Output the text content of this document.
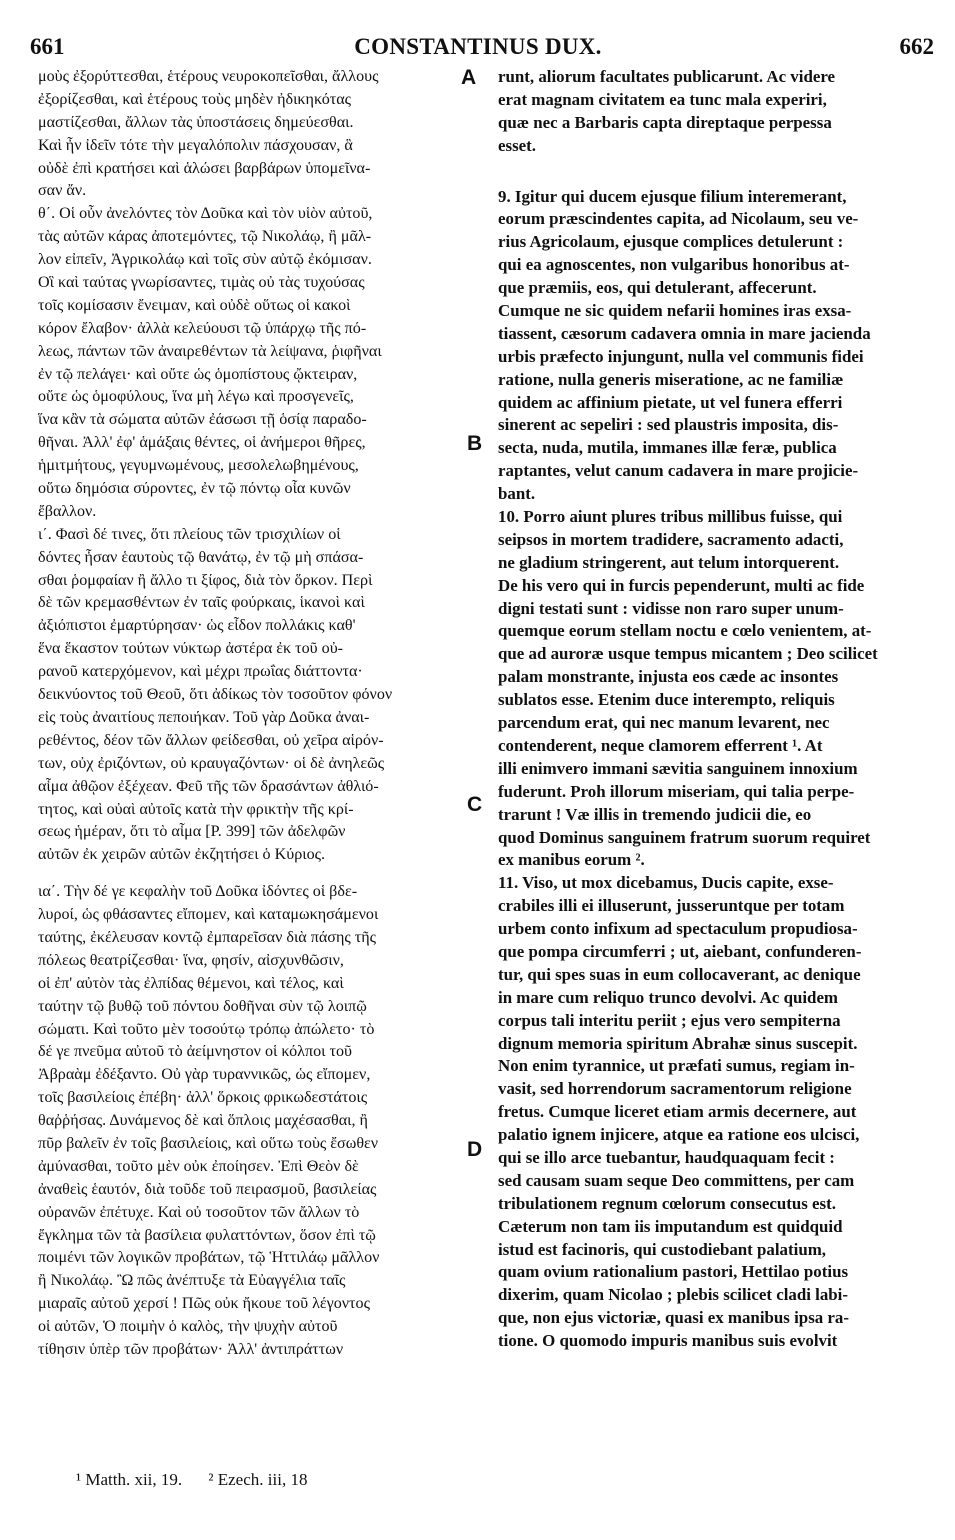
661	CONSTANTINUS DUX.	662
μοὺς ἐξορύττεσθαι, ἑτέρους νευροκοπεῖσθαι, ἄλλους
ἐξορίζεσθαι, καὶ ἑτέρους τοὺς μηδὲν ἠδικηκότας
μαστίζεσθαι, ἄλλων τὰς ὑποστάσεις δημεύεσθαι.
Καὶ ἦν ἰδεῖν τότε τὴν μεγαλόπολιν πάσχουσαν, ἃ
οὐδὲ ἐπὶ κρατήσει καὶ ἁλώσει βαρβάρων ὑπομεῖνα-
σαν ἄν.
θ΄. Οἱ οὖν ἀνελόντες τὸν Δοῦκα καὶ τὸν υἱὸν αὐτοῦ,
τὰς αὐτῶν κάρας ἀποτεμόντες, τῷ Νικολάῳ, ἢ μᾶλ-
λον εἰπεῖν, Ἀγρικολάῳ καὶ τοῖς σὺν αὐτῷ ἐκόμισαν.
Οἳ καὶ ταύτας γνωρίσαντες, τιμὰς οὐ τὰς τυχούσας
τοῖς κομίσασιν ἔνειμαν, καὶ οὐδὲ οὕτως οἱ κακοὶ
κόρον ἔλαβον· ἀλλὰ κελεύουσι τῷ ὑπάρχῳ τῆς πό-
λεως, πάντων τῶν ἀναιρεθέντων τὰ λείψανα, ῥιφῆναι
ἐν τῷ πελάγει· καὶ οὔτε ὡς ὁμοπίστους ᾤκτειραν,
οὔτε ὡς ὁμοφύλους, ἵνα μὴ λέγω καὶ προσγενεῖς,
ἵνα κἂν τὰ σώματα αὐτῶν ἐάσωσι τῇ ὁσίᾳ παραδο-
θῆναι. Ἀλλ' ἐφ' ἁμάξαις θέντες, οἱ ἀνήμεροι θῆρες,
ἡμιτμήτους, γεγυμνωμένους, μεσολελωβημένους,
οὕτω δημόσια σύροντες, ἐν τῷ πόντῳ οἷα κυνῶν
ἔβαλλον.
ι΄. Φασὶ δέ τινες, ὅτι πλείους τῶν τρισχιλίων οἱ
δόντες ἦσαν ἑαυτοὺς τῷ θανάτῳ, ἐν τῷ μὴ σπάσα-
σθαι ῥομφαίαν ἢ ἄλλο τι ξίφος, διὰ τὸν ὅρκον. Περὶ
δὲ τῶν κρεμασθέντων ἐν ταῖς φούρκαις, ἱκανοὶ καὶ
ἀξιόπιστοι ἐμαρτύρησαν· ὡς εἶδον πολλάκις καθ'
ἕνα ἕκαστον τούτων νύκτωρ ἀστέρα ἐκ τοῦ οὐ-
ρανοῦ κατερχόμενον, καὶ μέχρι πρωΐας διάττοντα·
δεικνύοντος τοῦ Θεοῦ, ὅτι ἀδίκως τὸν τοσοῦτον φόνον
εἰς τοὺς ἀναιτίους πεποιήκαν. Τοῦ γὰρ Δοῦκα ἀναι-
ρεθέντος, δέον τῶν ἄλλων φείδεσθαι, οὐ χεῖρα αἱρόν-
των, οὐχ ἐριζόντων, οὐ κραυγαζόντων· οἱ δὲ ἀνηλεῶς
αἷμα ἀθῷον ἐξέχεαν. Φεῦ τῆς τῶν δρασάντων ἀθλιό-
τητος, καὶ οὐαὶ αὐτοῖς κατὰ τὴν φρικτὴν τῆς κρί-
σεως ἡμέραν, ὅτι τὸ αἷμα [P. 399] τῶν ἀδελφῶν
αὐτῶν ἐκ χειρῶν αὐτῶν ἐκζητήσει ὁ Κύριος.
ια΄. Τὴν δέ γε κεφαλὴν τοῦ Δοῦκα ἰδόντες οἱ βδε-
λυροί, ὡς φθάσαντες εἴπομεν, καὶ καταμωκησάμενοι
ταύτης, ἐκέλευσαν κοντῷ ἐμπαρεῖσαν διὰ πάσης τῆς
πόλεως θεατρίζεσθαι· ἵνα, φησίν, αἰσχυνθῶσιν,
οἱ ἐπ' αὐτὸν τὰς ἐλπίδας θέμενοι, καὶ τέλος, καὶ
ταύτην τῷ βυθῷ τοῦ πόντου δοθῆναι σὺν τῷ λοιπῷ
σώματι. Καὶ τοῦτο μὲν τοσούτῳ τρόπῳ ἀπώλετο· τὸ
δέ γε πνεῦμα αὐτοῦ τὸ ἀείμνηστον οἱ κόλποι τοῦ
Ἀβραὰμ ἐδέξαντο. Οὐ γὰρ τυραννικῶς, ὡς εἴπομεν,
τοῖς βασιλείοις ἐπέβη· ἀλλ' ὅρκοις φρικωδεστάτοις
θαῤῥήσας. Δυνάμενος δὲ καὶ ὅπλοις μαχέσασθαι, ἢ
πῦρ βαλεῖν ἐν τοῖς βασιλείοις, καὶ οὕτω τοὺς ἔσωθεν
ἀμύνασθαι, τοῦτο μὲν οὐκ ἐποίησεν. Ἐπὶ Θεὸν δὲ
ἀναθεὶς ἑαυτόν, διὰ τοῦδε τοῦ πειρασμοῦ, βασιλείας
οὐρανῶν ἐπέτυχε. Καὶ οὐ τοσοῦτον τῶν ἄλλων τὸ
ἔγκλημα τῶν τὰ βασίλεια φυλαττόντων, ὅσον ἐπὶ τῷ
ποιμένι τῶν λογικῶν προβάτων, τῷ Ἡττιλάῳ μᾶλλον
ἢ Νικολάῳ. Ὢ πῶς ἀνέπτυξε τὰ Εὐαγγέλια ταῖς
μιαραῖς αὐτοῦ χερσί ! Πῶς οὐκ ἤκουε τοῦ λέγοντος
οἱ αὐτῶν, Ὁ ποιμὴν ὁ καλὸς, τὴν ψυχὴν αὐτοῦ
τίθησιν ὑπὲρ τῶν προβάτων· Ἀλλ' ἀντιπράττων
runt, aliorum facultates publicarunt. Ac videre
erat magnam civitatem ea tunc mala experiri,
quæ nec a Barbaris capta direptaque perpessa
esset.
9. Igitur qui ducem ejusque filium interemerant,
eorum præscindentes capita, ad Nicolaum, seu ve-
rius Agricolaum, ejusque complices detulerunt :
qui ea agnoscentes, non vulgaribus honoribus at-
que præmiis, eos, qui detulerant, affecerunt.
Cumque ne sic quidem nefarii homines iras exsa-
tiassent, cæsorum cadavera omnia in mare jacienda
urbis præfecto injungunt, nulla vel communis fidei
ratione, nulla generis miseratione, ac ne familiæ
quidem ac affinium pietate, ut vel funera efferri
sinerent ac sepeliri : sed plaustris imposita, dis-
secta, nuda, mutila, immanes illæ feræ, publica
raptantes, velut canum cadavera in mare projicie-
bant.
10. Porro aiunt plures tribus millibus fuisse, qui
seipsos in mortem tradidere, sacramento adacti,
ne gladium stringerent, aut telum intorquerent.
De his vero qui in furcis pependerunt, multi ac fide
digni testati sunt : vidisse non raro super unum-
quemque eorum stellam noctu e cœlo venientem, at-
que ad auroræ usque tempus micantem ; Deo scilicet
palam monstrante, injusta eos cæde ac insontes
sublatos esse. Etenim duce interempto, reliquis
parcendum erat, qui nec manum levarent, nec
contenderent, neque clamorem efferrent ¹. At
illi enimvero immani sævitia sanguinem innoxium
fuderunt. Proh illorum miseriam, qui talia perpe-
trarunt ! Væ illis in tremendo judicii die, eo
quod Dominus sanguinem fratrum suorum requiret
ex manibus eorum ².
11. Viso, ut mox dicebamus, Ducis capite, exse-
crabiles illi ei illuserunt, jusseruntque per totam
urbem conto infixum ad spectaculum propudiosa-
que pompa circumferri ; ut, aiebant, confunderen-
tur, qui spes suas in eum collocaverant, ac denique
in mare cum reliquo trunco devolvi. Ac quidem
corpus tali interitu periit ; ejus vero sempiterna
dignum memoria spiritum Abrahæ sinus suscepit.
Non enim tyrannice, ut præfati sumus, regiam in-
vasit, sed horrendorum sacramentorum religione
fretus. Cumque liceret etiam armis decernere, aut
palatio ignem injicere, atque ea ratione eos ulcisci,
qui se illo arce tuebantur, haudquaquam fecit :
sed causam suam seque Deo committens, per cam
tribulationem regnum cœlorum consecutus est.
Cæterum non tam iis imputandum est quidquid
istud est facinoris, qui custodiebant palatium,
quam ovium rationalium pastori, Hettilao potius
dixerim, quam Nicolao ; plebis scilicet cladi labi-
que, non ejus victoriæ, quasi ex manibus ipsa ra-
tione. O quomodo impuris manibus suis evolvit
A
B
C
D
¹ Matth. xii, 19. ² Ezech. iii, 18
